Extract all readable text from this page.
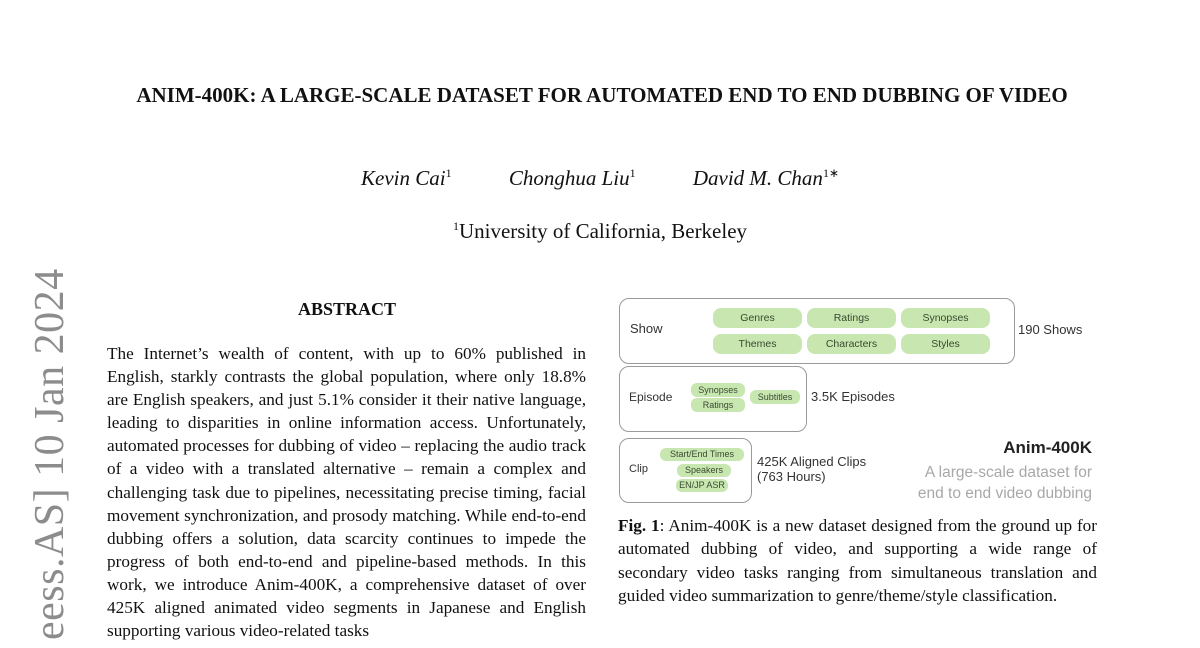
eess.AS] 10 Jan 2024
ANIM-400K: A LARGE-SCALE DATASET FOR AUTOMATED END TO END DUBBING OF VIDEO
Kevin Cai$^1$	Chonghua Liu$^1$	David M. Chan$^{1∗}$
$^1$University of California, Berkeley
ABSTRACT
The Internet’s wealth of content, with up to 60% published in English, starkly contrasts the global population, where only 18.8% are English speakers, and just 5.1% consider it their native language, leading to disparities in online information access. Unfortunately, automated processes for dubbing of video – replacing the audio track of a video with a translated alternative – remain a complex and challenging task due to pipelines, necessitating precise timing, facial movement synchronization, and prosody matching. While end-to-end dubbing offers a solution, data scarcity continues to impede the progress of both end-to-end and pipeline-based methods. In this work, we introduce Anim-400K, a comprehensive dataset of over 425K aligned animated video segments in Japanese and English supporting various video-related tasks
Show
Genres	Ratings	Synopses
Themes	Characters	Styles
190 Shows
Episode	Synopses
Ratings
Subtitles	3.5K Episodes
Clip
Start/End Times
Speakers
EN/JP ASR
425K Aligned Clips
(763 Hours)
Anim-400K
A large-scale dataset for
end to end video dubbing
Fig. 1: Anim-400K is a new dataset designed from the ground up for automated dubbing of video, and supporting a wide range of secondary video tasks ranging from simultaneous translation and guided video summarization to genre/theme/style classification.
